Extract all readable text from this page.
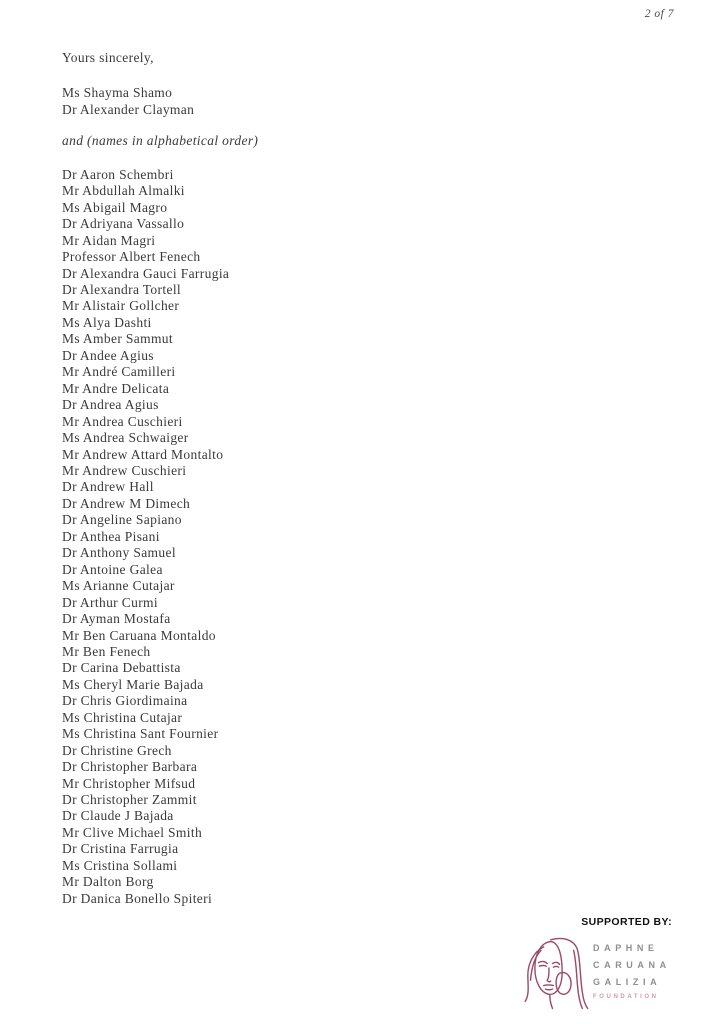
2 of 7

Yours sincerely,

Ms Shayma Shamo
Dr Alexander Clayman

and (names in alphabetical order)

Dr Aaron Schembri
Mr Abdullah Almalki
Ms Abigail Magro
Dr Adriyana Vassallo
Mr Aidan Magri
Professor Albert Fenech
Dr Alexandra Gauci Farrugia
Dr Alexandra Tortell
Mr Alistair Gollcher
Ms Alya Dashti
Ms Amber Sammut
Dr Andee Agius
Mr André Camilleri
Mr Andre Delicata
Dr Andrea Agius
Mr Andrea Cuschieri
Ms Andrea Schwaiger
Mr Andrew Attard Montalto
Mr Andrew Cuschieri
Dr Andrew Hall
Dr Andrew M Dimech
Dr Angeline Sapiano
Dr Anthea Pisani
Dr Anthony Samuel
Dr Antoine Galea
Ms Arianne Cutajar
Dr Arthur Curmi
Dr Ayman Mostafa
Mr Ben Caruana Montaldo
Mr Ben Fenech
Dr Carina Debattista
Ms Cheryl Marie Bajada
Dr Chris Giordimaina
Ms Christina Cutajar
Ms Christina Sant Fournier
Dr Christine Grech
Dr Christopher Barbara
Mr Christopher Mifsud
Dr Christopher Zammit
Dr Claude J Bajada
Mr Clive Michael Smith
Dr Cristina Farrugia
Ms Cristina Sollami
Mr Dalton Borg
Dr Danica Bonello Spiteri
SUPPORTED BY:
DAPHNE
CARUANA
GALIZIA
FOUNDATION
